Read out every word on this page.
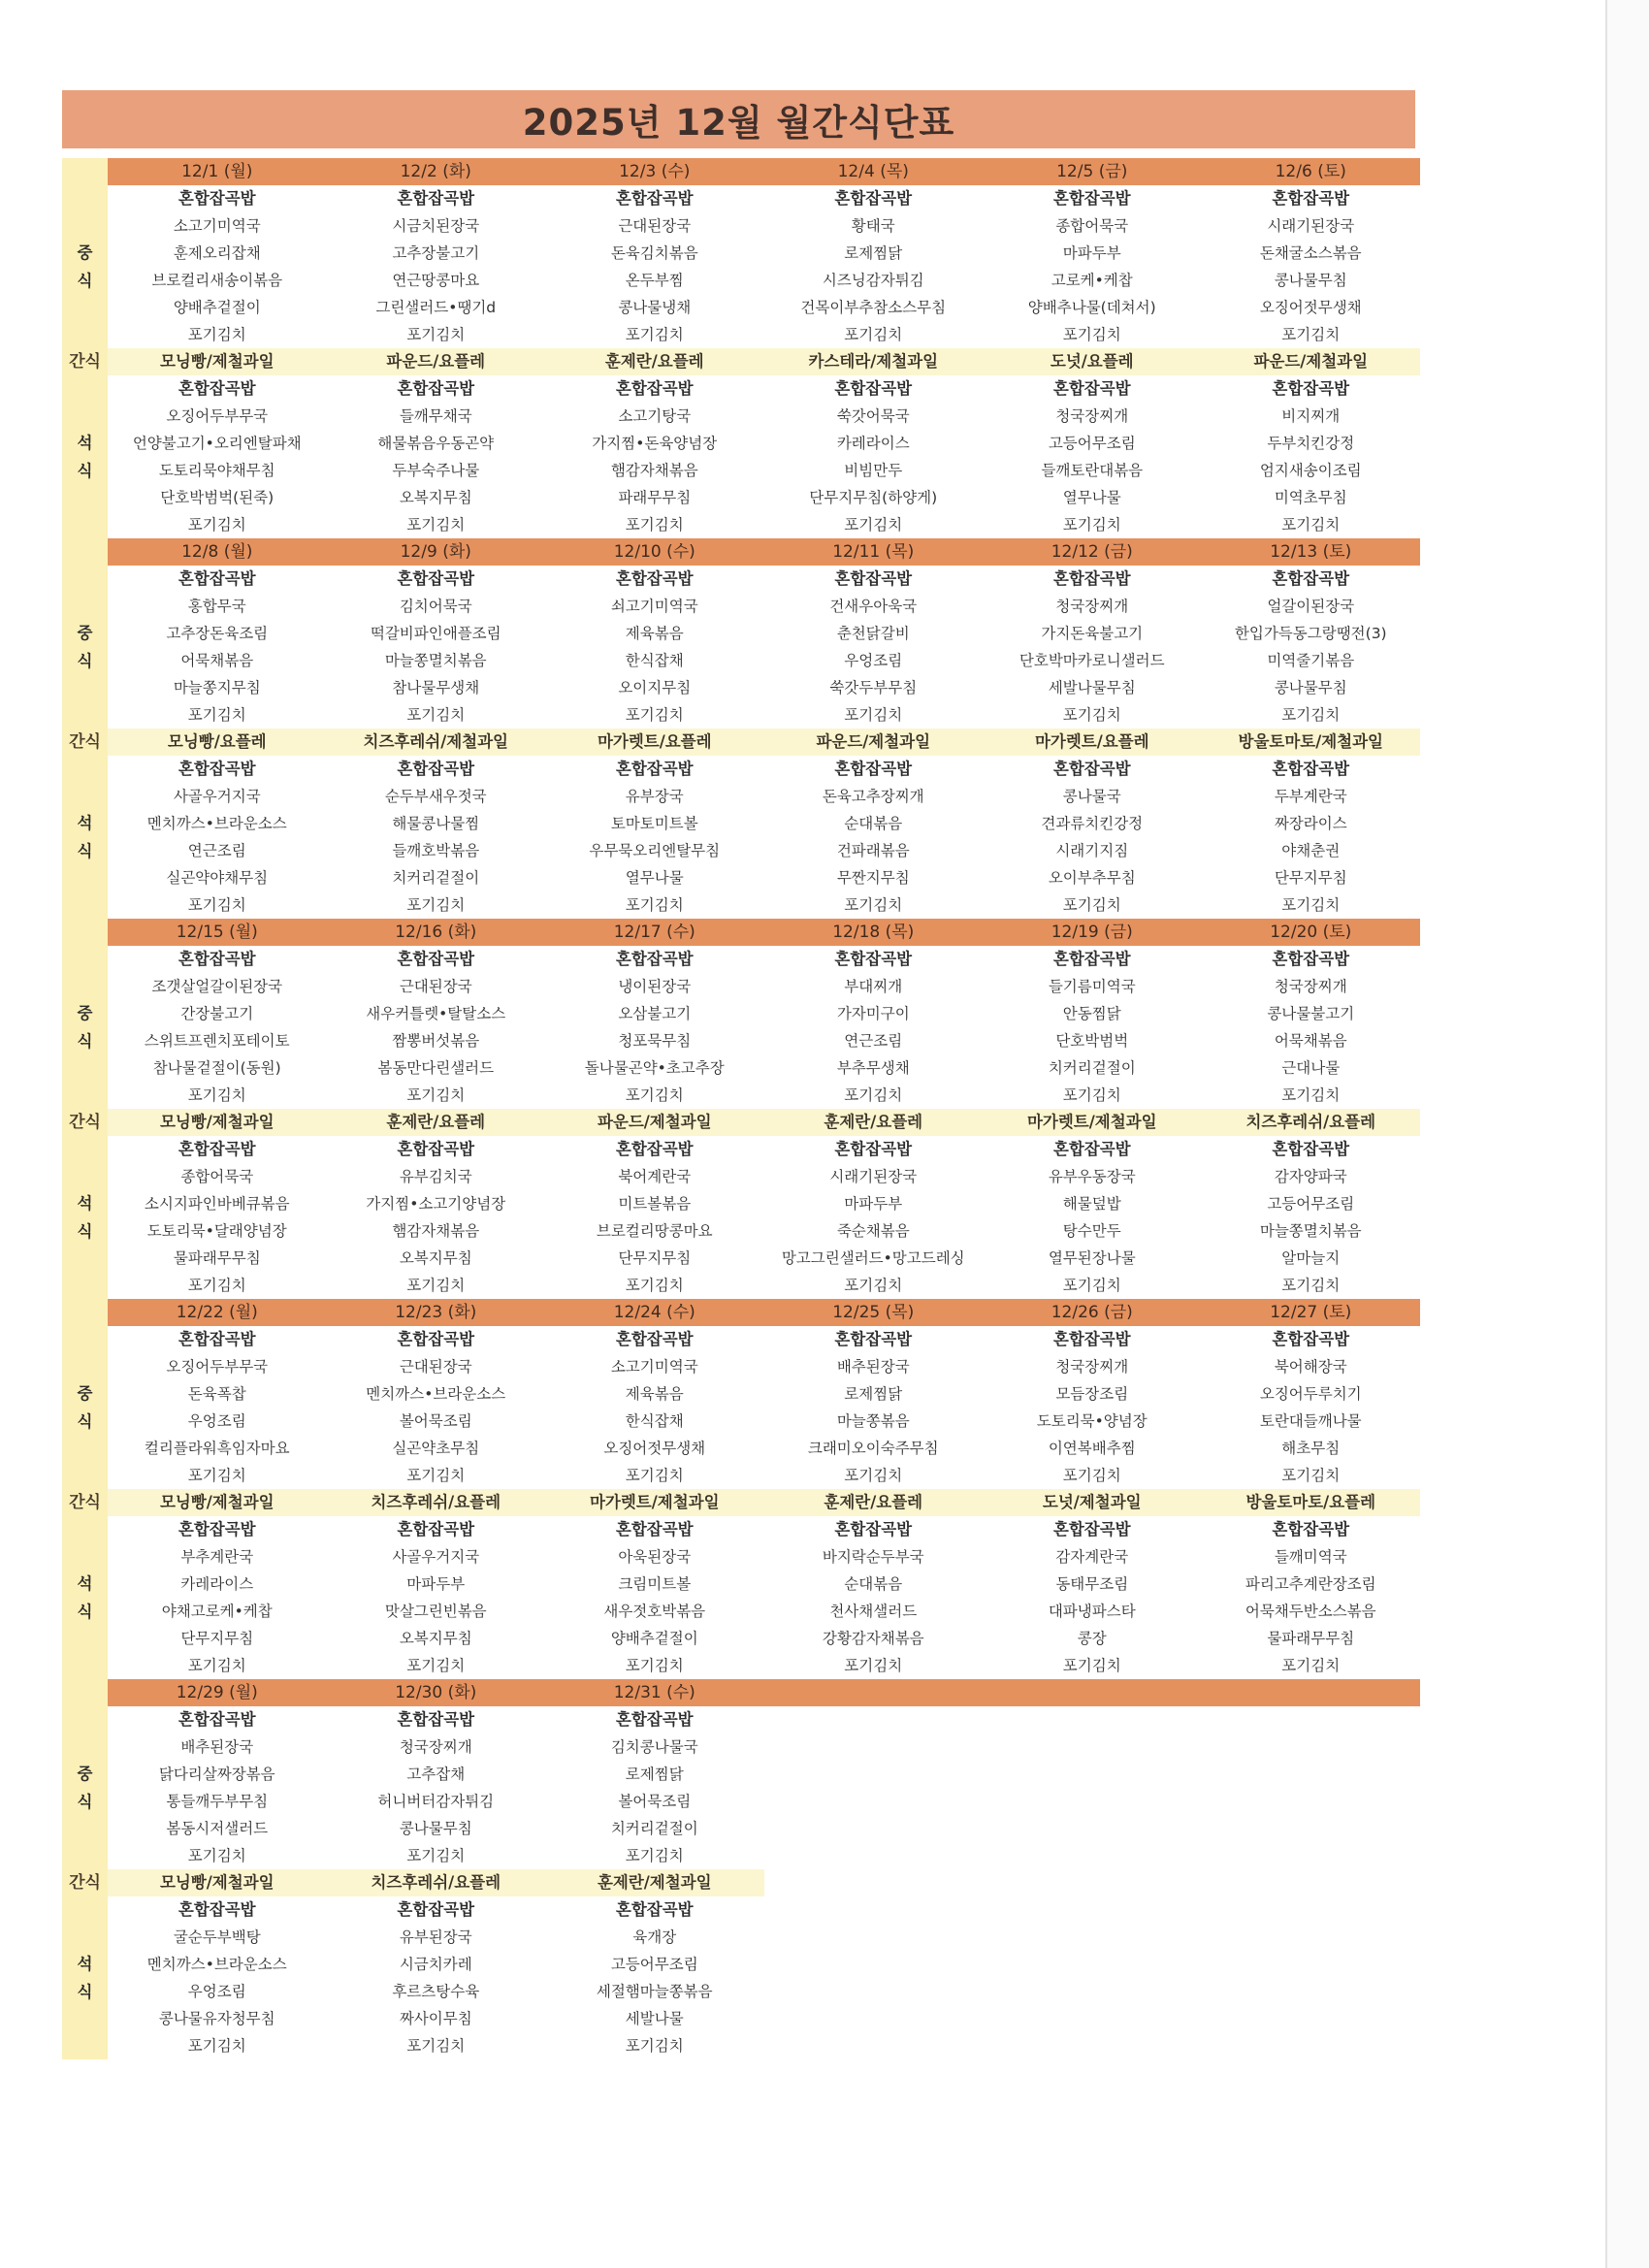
2025년 12월 월간식단표
	12/1 (월)	12/2 (화)	12/3 (수)	12/4 (목)	12/5 (금)	12/6 (토)
중
식	혼합잡곡밥	혼합잡곡밥	혼합잡곡밥	혼합잡곡밥	혼합잡곡밥	혼합잡곡밥
	소고기미역국	시금치된장국	근대된장국	황태국	종합어묵국	시래기된장국
	훈제오리잡채	고추장불고기	돈육김치볶음	로제찜닭	마파두부	돈채굴소스볶음
	브로컬리새송이볶음	연근땅콩마요	온두부찜	시즈닝감자튀김	고로케•케찹	콩나물무침
	양배추겉절이	그린샐러드•땡기d	콩나물냉채	건목이부추참소스무침	양배추나물(데쳐서)	오징어젓무생채
	포기김치	포기김치	포기김치	포기김치	포기김치	포기김치
간식	모닝빵/제철과일	파운드/요플레	훈제란/요플레	카스테라/제철과일	도넛/요플레	파운드/제철과일
석
식	혼합잡곡밥	혼합잡곡밥	혼합잡곡밥	혼합잡곡밥	혼합잡곡밥	혼합잡곡밥
	오징어두부무국	들깨무채국	소고기탕국	쑥갓어묵국	청국장찌개	비지찌개
	언양불고기•오리엔탈파채	해물볶음우동곤약	가지찜•돈육양념장	카레라이스	고등어무조림	두부치킨강정
	도토리묵야채무침	두부숙주나물	햄감자채볶음	비빔만두	들깨토란대볶음	엄지새송이조림
	단호박범벅(된죽)	오복지무침	파래무무침	단무지무침(하양게)	열무나물	미역초무침
	포기김치	포기김치	포기김치	포기김치	포기김치	포기김치
	12/8 (월)	12/9 (화)	12/10 (수)	12/11 (목)	12/12 (금)	12/13 (토)
중
식	혼합잡곡밥	혼합잡곡밥	혼합잡곡밥	혼합잡곡밥	혼합잡곡밥	혼합잡곡밥
	홍합무국	김치어묵국	쇠고기미역국	건새우아욱국	청국장찌개	얼갈이된장국
	고추장돈육조림	떡갈비파인애플조림	제육볶음	춘천닭갈비	가지돈육불고기	한입가득동그랑땡전(3)
	어묵채볶음	마늘쫑멸치볶음	한식잡채	우엉조림	단호박마카로니샐러드	미역줄기볶음
	마늘쫑지무침	참나물무생채	오이지무침	쑥갓두부무침	세발나물무침	콩나물무침
	포기김치	포기김치	포기김치	포기김치	포기김치	포기김치
간식	모닝빵/요플레	치즈후레쉬/제철과일	마가렛트/요플레	파운드/제철과일	마가렛트/요플레	방울토마토/제철과일
석
식	혼합잡곡밥	혼합잡곡밥	혼합잡곡밥	혼합잡곡밥	혼합잡곡밥	혼합잡곡밥
	사골우거지국	순두부새우젓국	유부장국	돈육고추장찌개	콩나물국	두부계란국
	멘치까스•브라운소스	해물콩나물찜	토마토미트볼	순대볶음	견과류치킨강정	짜장라이스
	연근조림	들깨호박볶음	우무묵오리엔탈무침	건파래볶음	시래기지짐	야채춘권
	실곤약야채무침	치커리겉절이	열무나물	무짠지무침	오이부추무침	단무지무침
	포기김치	포기김치	포기김치	포기김치	포기김치	포기김치
	12/15 (월)	12/16 (화)	12/17 (수)	12/18 (목)	12/19 (금)	12/20 (토)
중
식	혼합잡곡밥	혼합잡곡밥	혼합잡곡밥	혼합잡곡밥	혼합잡곡밥	혼합잡곡밥
	조갯살얼갈이된장국	근대된장국	냉이된장국	부대찌개	들기름미역국	청국장찌개
	간장불고기	새우커틀렛•탈탈소스	오삼불고기	가자미구이	안동찜닭	콩나물불고기
	스위트프렌치포테이토	짬뽕버섯볶음	청포묵무침	연근조림	단호박범벅	어묵채볶음
	참나물겉절이(동원)	봄동만다린샐러드	돌나물곤약•초고추장	부추무생채	치커리겉절이	근대나물
	포기김치	포기김치	포기김치	포기김치	포기김치	포기김치
간식	모닝빵/제철과일	훈제란/요플레	파운드/제철과일	훈제란/요플레	마가렛트/제철과일	치즈후레쉬/요플레
석
식	혼합잡곡밥	혼합잡곡밥	혼합잡곡밥	혼합잡곡밥	혼합잡곡밥	혼합잡곡밥
	종합어묵국	유부김치국	북어계란국	시래기된장국	유부우동장국	감자양파국
	소시지파인바베큐볶음	가지찜•소고기양념장	미트볼볶음	마파두부	해물덮밥	고등어무조림
	도토리묵•달래양념장	햄감자채볶음	브로컬리땅콩마요	죽순채볶음	탕수만두	마늘쫑멸치볶음
	물파래무무침	오복지무침	단무지무침	망고그린샐러드•망고드레싱	열무된장나물	알마늘지
	포기김치	포기김치	포기김치	포기김치	포기김치	포기김치
	12/22 (월)	12/23 (화)	12/24 (수)	12/25 (목)	12/26 (금)	12/27 (토)
중
식	혼합잡곡밥	혼합잡곡밥	혼합잡곡밥	혼합잡곡밥	혼합잡곡밥	혼합잡곡밥
	오징어두부무국	근대된장국	소고기미역국	배추된장국	청국장찌개	북어해장국
	돈육폭찹	멘치까스•브라운소스	제육볶음	로제찜닭	모듬장조림	오징어두루치기
	우엉조림	볼어묵조림	한식잡채	마늘쫑볶음	도토리묵•양념장	토란대들깨나물
	컬리플라워흑임자마요	실곤약초무침	오징어젓무생채	크래미오이숙주무침	이연복배추찜	해초무침
	포기김치	포기김치	포기김치	포기김치	포기김치	포기김치
간식	모닝빵/제철과일	치즈후레쉬/요플레	마가렛트/제철과일	훈제란/요플레	도넛/제철과일	방울토마토/요플레
석
식	혼합잡곡밥	혼합잡곡밥	혼합잡곡밥	혼합잡곡밥	혼합잡곡밥	혼합잡곡밥
	부추계란국	사골우거지국	아욱된장국	바지락순두부국	감자계란국	들깨미역국
	카레라이스	마파두부	크림미트볼	순대볶음	동태무조림	파리고추계란장조림
	야채고로케•케찹	맛살그린빈볶음	새우젓호박볶음	천사채샐러드	대파냉파스타	어묵채두반소스볶음
	단무지무침	오복지무침	양배추겉절이	강황감자채볶음	콩장	물파래무무침
	포기김치	포기김치	포기김치	포기김치	포기김치	포기김치
	12/29 (월)	12/30 (화)	12/31 (수)			
중
식	혼합잡곡밥	혼합잡곡밥	혼합잡곡밥			
	배추된장국	청국장찌개	김치콩나물국			
	닭다리살짜장볶음	고추잡채	로제찜닭			
	통들깨두부무침	허니버터감자튀김	볼어묵조림			
	봄동시저샐러드	콩나물무침	치커리겉절이			
	포기김치	포기김치	포기김치			
간식	모닝빵/제철과일	치즈후레쉬/요플레	훈제란/제철과일			
석
식	혼합잡곡밥	혼합잡곡밥	혼합잡곡밥			
	굴순두부백탕	유부된장국	육개장			
	멘치까스•브라운소스	시금치카레	고등어무조림			
	우엉조림	후르츠탕수육	세절햄마늘쫑볶음			
	콩나물유자청무침	짜사이무침	세발나물			
	포기김치	포기김치	포기김치			
